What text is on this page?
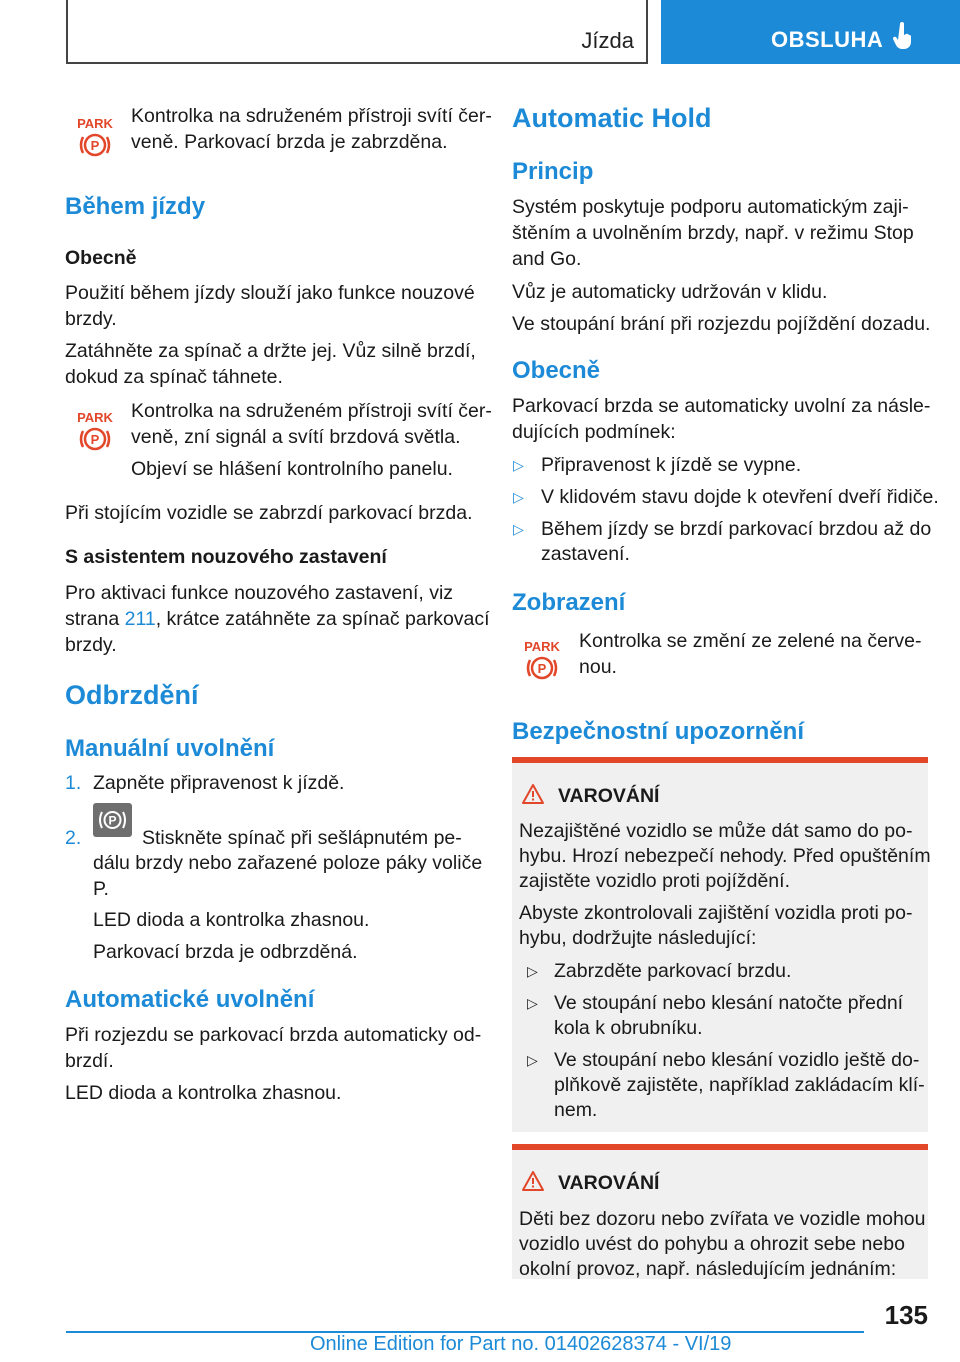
Jízda	OBSLUHA
PARK
P
Kontrolka na sdruženém přístroji svítí čer‐
veně. Parkovací brzda je zabrzděna.
Během jízdy
Obecně
Použití během jízdy slouží jako funkce nouzové
brzdy.
Zatáhněte za spínač a držte jej. Vůz silně brzdí,
dokud za spínač táhnete.
PARK
P
Kontrolka na sdruženém přístroji svítí čer‐
veně, zní signál a svítí brzdová světla.
Objeví se hlášení kontrolního panelu.
Při stojícím vozidle se zabrzdí parkovací brzda.
S asistentem nouzového zastavení
Pro aktivaci funkce nouzového zastavení, viz
strana 211, krátce zatáhněte za spínač parkovací
brzdy.
Odbrzdění
Manuální uvolnění
1. Zapněte připravenost k jízdě.
2.
P
Stiskněte spínač při sešlápnutém pe‐
dálu brzdy nebo zařazené poloze páky voliče
P.
LED dioda a kontrolka zhasnou.
Parkovací brzda je odbrzděná.
Automatické uvolnění
Při rozjezdu se parkovací brzda automaticky od‐
brzdí.
LED dioda a kontrolka zhasnou.
Automatic Hold
Princip
Systém poskytuje podporu automatickým zaji‐
štěním a uvolněním brzdy, např. v režimu Stop
and Go.
Vůz je automaticky udržován v klidu.
Ve stoupání brání při rozjezdu pojíždění dozadu.
Obecně
Parkovací brzda se automaticky uvolní za násle‐
dujících podmínek:
▷ Připravenost k jízdě se vypne.
▷ V klidovém stavu dojde k otevření dveří řidiče.
▷ Během jízdy se brzdí parkovací brzdou až do
zastavení.
Zobrazení
PARK
P
Kontrolka se změní ze zelené na červe‐
nou.
Bezpečnostní upozornění
VAROVÁNÍ
Nezajištěné vozidlo se může dát samo do po‐
hybu. Hrozí nebezpečí nehody. Před opuštěním
zajistěte vozidlo proti pojíždění.
Abyste zkontrolovali zajištění vozidla proti po‐
hybu, dodržujte následující:
▷ Zabrzděte parkovací brzdu.
▷ Ve stoupání nebo klesání natočte přední
kola k obrubníku.
▷ Ve stoupání nebo klesání vozidlo ještě do‐
plňkově zajistěte, například zakládacím klí‐
nem.
VAROVÁNÍ
Děti bez dozoru nebo zvířata ve vozidle mohou
vozidlo uvést do pohybu a ohrozit sebe nebo
okolní provoz, např. následujícím jednáním:
135
Online Edition for Part no. 01402628374 - VI/19
